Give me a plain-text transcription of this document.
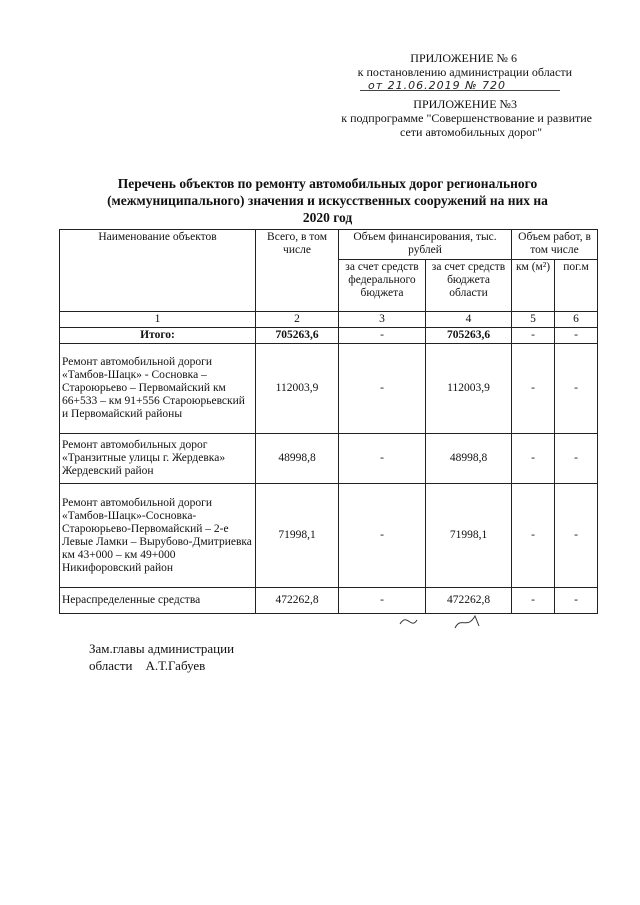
ПРИЛОЖЕНИЕ № 6
к постановлению администрации области
от 21.06.2019 № 720
ПРИЛОЖЕНИЕ №3
к подпрограмме "Совершенствование и развитие
сети автомобильных дорог"
Перечень объектов по ремонту автомобильных дорог регионального
(межмуниципального) значения и искусственных сооружений на них на
2020 год
Наименование объектов	Всего, в том числе	Объем финансирования, тыс. рублей		Объем работ, в том числе	
		за счет средств федерального бюджета	за счет средств бюджета области	км (м²)	пог.м
1	2	3	4	5	6
Итого:	705263,6	-	705263,6	-	-
Ремонт автомобильной дороги «Тамбов-Шацк» - Сосновка – Староюрьево – Первомайский км 66+533 – км 91+556 Староюрьевский и Первомайский районы	112003,9	-	112003,9	-	-
Ремонт автомобильных дорог «Транзитные улицы г. Жердевка» Жердевский район	48998,8	-	48998,8	-	-
Ремонт автомобильной дороги «Тамбов-Шацк»-Сосновка-Староюрьево-Первомайский – 2-е Левые Ламки – Вырубово-Дмитриевка км 43+000 – км 49+000 Никифоровский район	71998,1	-	71998,1	-	-
Нераспределенные средства	472262,8	-	472262,8	-	-
Зам.главы администрации
области    А.Т.Габуев
